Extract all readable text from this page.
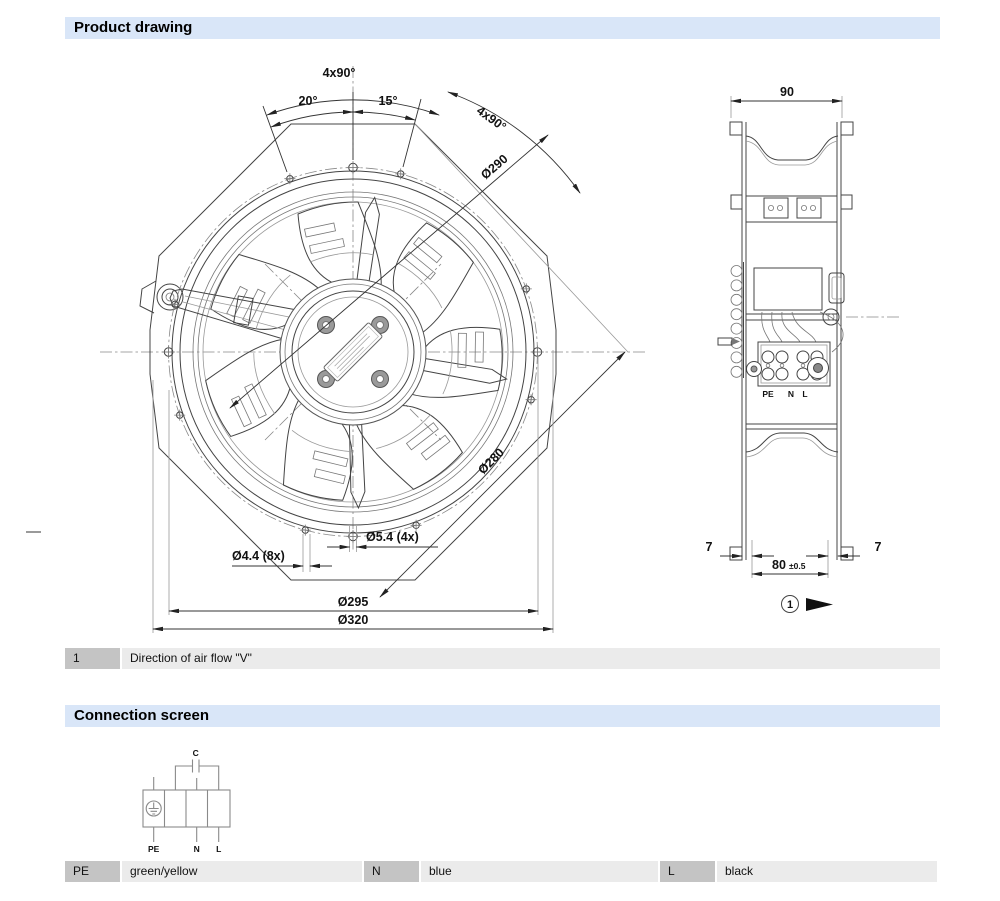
Product drawing
4x90°
20°	15°
4x90°
Ø290
Ø280
Ø4.4 (8x)
Ø5.4 (4x)
Ø295
Ø320
90
PE N L
7	7
80 ±0.5
1
C
PE	N L
1	Direction of air flow "V"
Connection screen
PE	green/yellow	N	blue	L	black
